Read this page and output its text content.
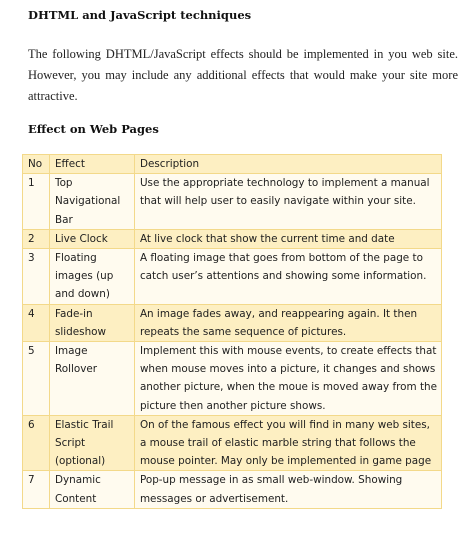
DHTML and JavaScript techniques
The following DHTML/JavaScript effects should be implemented in you web site. However, you may include any additional effects that would make your site more attractive.
Effect on Web Pages
No	Effect	Description
1	Top Navigational Bar	Use the appropriate technology to implement a manual that will help user to easily navigate within your site.
2	Live Clock	At live clock that show the current time and date
3	Floating images (up and down)	A floating image that goes from bottom of the page to catch user’s attentions and showing some information.
4	Fade-in slideshow	An image fades away, and reappearing again. It then repeats the same sequence of pictures.
5	Image Rollover	Implement this with mouse events, to create effects that when mouse moves into a picture, it changes and shows another picture, when the moue is moved away from the picture then another picture shows.
6	Elastic Trail Script (optional)	On of the famous effect you will find in many web sites, a mouse trail of elastic marble string that follows the mouse pointer. May only be implemented in game page
7	Dynamic Content	Pop-up message in as small web-window. Showing messages or advertisement.
